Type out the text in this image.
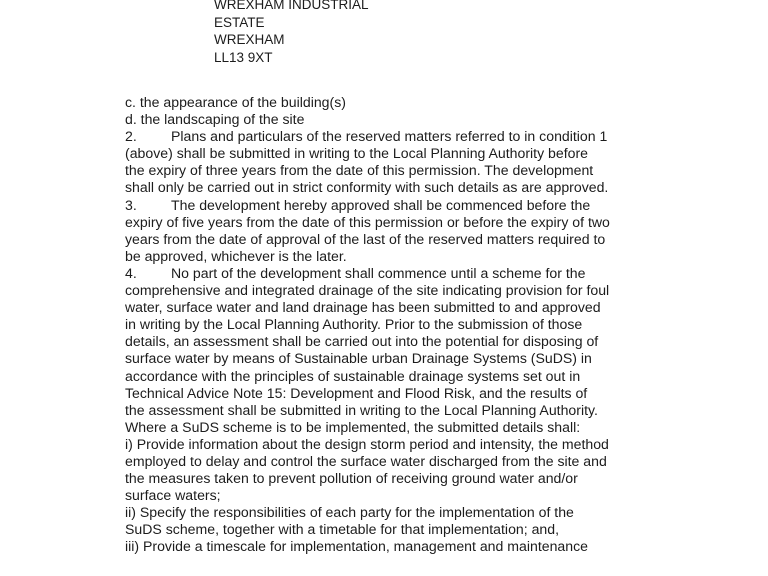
WREXHAM INDUSTRIAL
ESTATE
WREXHAM
LL13 9XT
c. the appearance of the building(s)
d. the landscaping of the site
2. Plans and particulars of the reserved matters referred to in condition 1
(above) shall be submitted in writing to the Local Planning Authority before
the expiry of three years from the date of this permission. The development
shall only be carried out in strict conformity with such details as are approved.
3. The development hereby approved shall be commenced before the
expiry of five years from the date of this permission or before the expiry of two
years from the date of approval of the last of the reserved matters required to
be approved, whichever is the later.
4. No part of the development shall commence until a scheme for the
comprehensive and integrated drainage of the site indicating provision for foul
water, surface water and land drainage has been submitted to and approved
in writing by the Local Planning Authority. Prior to the submission of those
details, an assessment shall be carried out into the potential for disposing of
surface water by means of Sustainable urban Drainage Systems (SuDS) in
accordance with the principles of sustainable drainage systems set out in
Technical Advice Note 15: Development and Flood Risk, and the results of
the assessment shall be submitted in writing to the Local Planning Authority.
Where a SuDS scheme is to be implemented, the submitted details shall:
i) Provide information about the design storm period and intensity, the method
employed to delay and control the surface water discharged from the site and
the measures taken to prevent pollution of receiving ground water and/or
surface waters;
ii) Specify the responsibilities of each party for the implementation of the
SuDS scheme, together with a timetable for that implementation; and,
iii) Provide a timescale for implementation, management and maintenance
